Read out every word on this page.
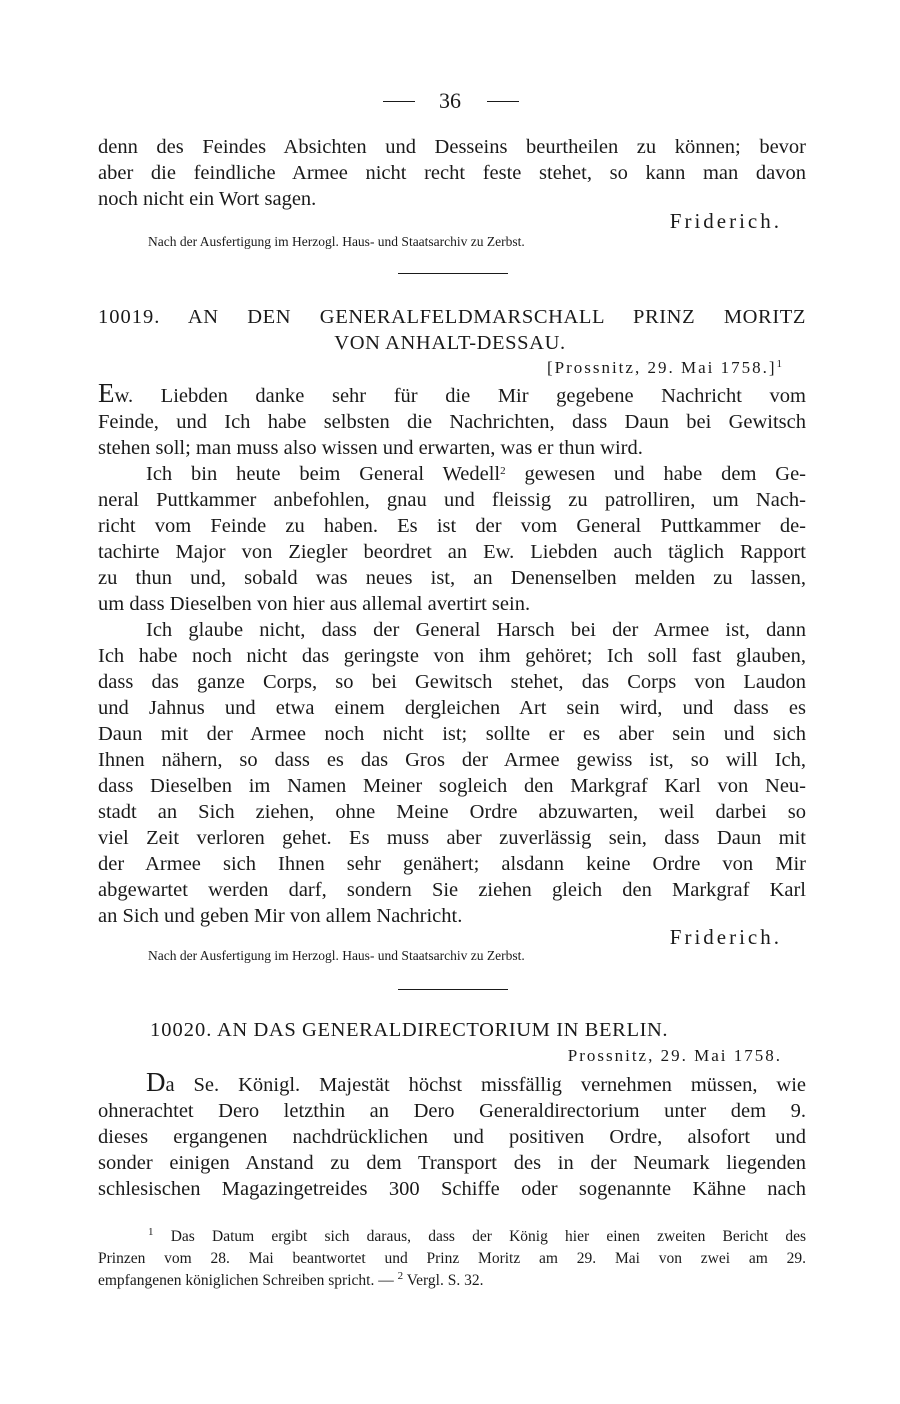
36
denn des Feindes Absichten und Desseins beurtheilen zu können; bevor
aber die feindliche Armee nicht recht feste stehet, so kann man davon
noch nicht ein Wort sagen.
Friderich.
Nach der Ausfertigung im Herzogl. Haus- und Staatsarchiv zu Zerbst.
10019. AN DEN GENERALFELDMARSCHALL PRINZ MORITZ
VON ANHALT-DESSAU.
[Prossnitz, 29. Mai 1758.]$^1$
Ew. Liebden danke sehr für die Mir gegebene Nachricht vom
Feinde, und Ich habe selbsten die Nachrichten, dass Daun bei Gewitsch
stehen soll; man muss also wissen und erwarten, was er thun wird.
Ich bin heute beim General Wedell$^2$ gewesen und habe dem Ge-
neral Puttkammer anbefohlen, gnau und fleissig zu patrolliren, um Nach-
richt vom Feinde zu haben. Es ist der vom General Puttkammer de-
tachirte Major von Ziegler beordret an Ew. Liebden auch täglich Rapport
zu thun und, sobald was neues ist, an Denenselben melden zu lassen,
um dass Dieselben von hier aus allemal avertirt sein.
Ich glaube nicht, dass der General Harsch bei der Armee ist, dann
Ich habe noch nicht das geringste von ihm gehöret; Ich soll fast glauben,
dass das ganze Corps, so bei Gewitsch stehet, das Corps von Laudon
und Jahnus und etwa einem dergleichen Art sein wird, und dass es
Daun mit der Armee noch nicht ist; sollte er es aber sein und sich
Ihnen nähern, so dass es das Gros der Armee gewiss ist, so will Ich,
dass Dieselben im Namen Meiner sogleich den Markgraf Karl von Neu-
stadt an Sich ziehen, ohne Meine Ordre abzuwarten, weil darbei so
viel Zeit verloren gehet. Es muss aber zuverlässig sein, dass Daun mit
der Armee sich Ihnen sehr genähert; alsdann keine Ordre von Mir
abgewartet werden darf, sondern Sie ziehen gleich den Markgraf Karl
an Sich und geben Mir von allem Nachricht.
Friderich.
Nach der Ausfertigung im Herzogl. Haus- und Staatsarchiv zu Zerbst.
10020. AN DAS GENERALDIRECTORIUM IN BERLIN.
Prossnitz, 29. Mai 1758.
Da Se. Königl. Majestät höchst missfällig vernehmen müssen, wie
ohnerachtet Dero letzthin an Dero Generaldirectorium unter dem 9.
dieses ergangenen nachdrücklichen und positiven Ordre, alsofort und
sonder einigen Anstand zu dem Transport des in der Neumark liegenden
schlesischen Magazingetreides 300 Schiffe oder sogenannte Kähne nach
$^1$ Das Datum ergibt sich daraus, dass der König hier einen zweiten Bericht des
Prinzen vom 28. Mai beantwortet und Prinz Moritz am 29. Mai von zwei am 29.
empfangenen königlichen Schreiben spricht. — $^2$ Vergl. S. 32.
